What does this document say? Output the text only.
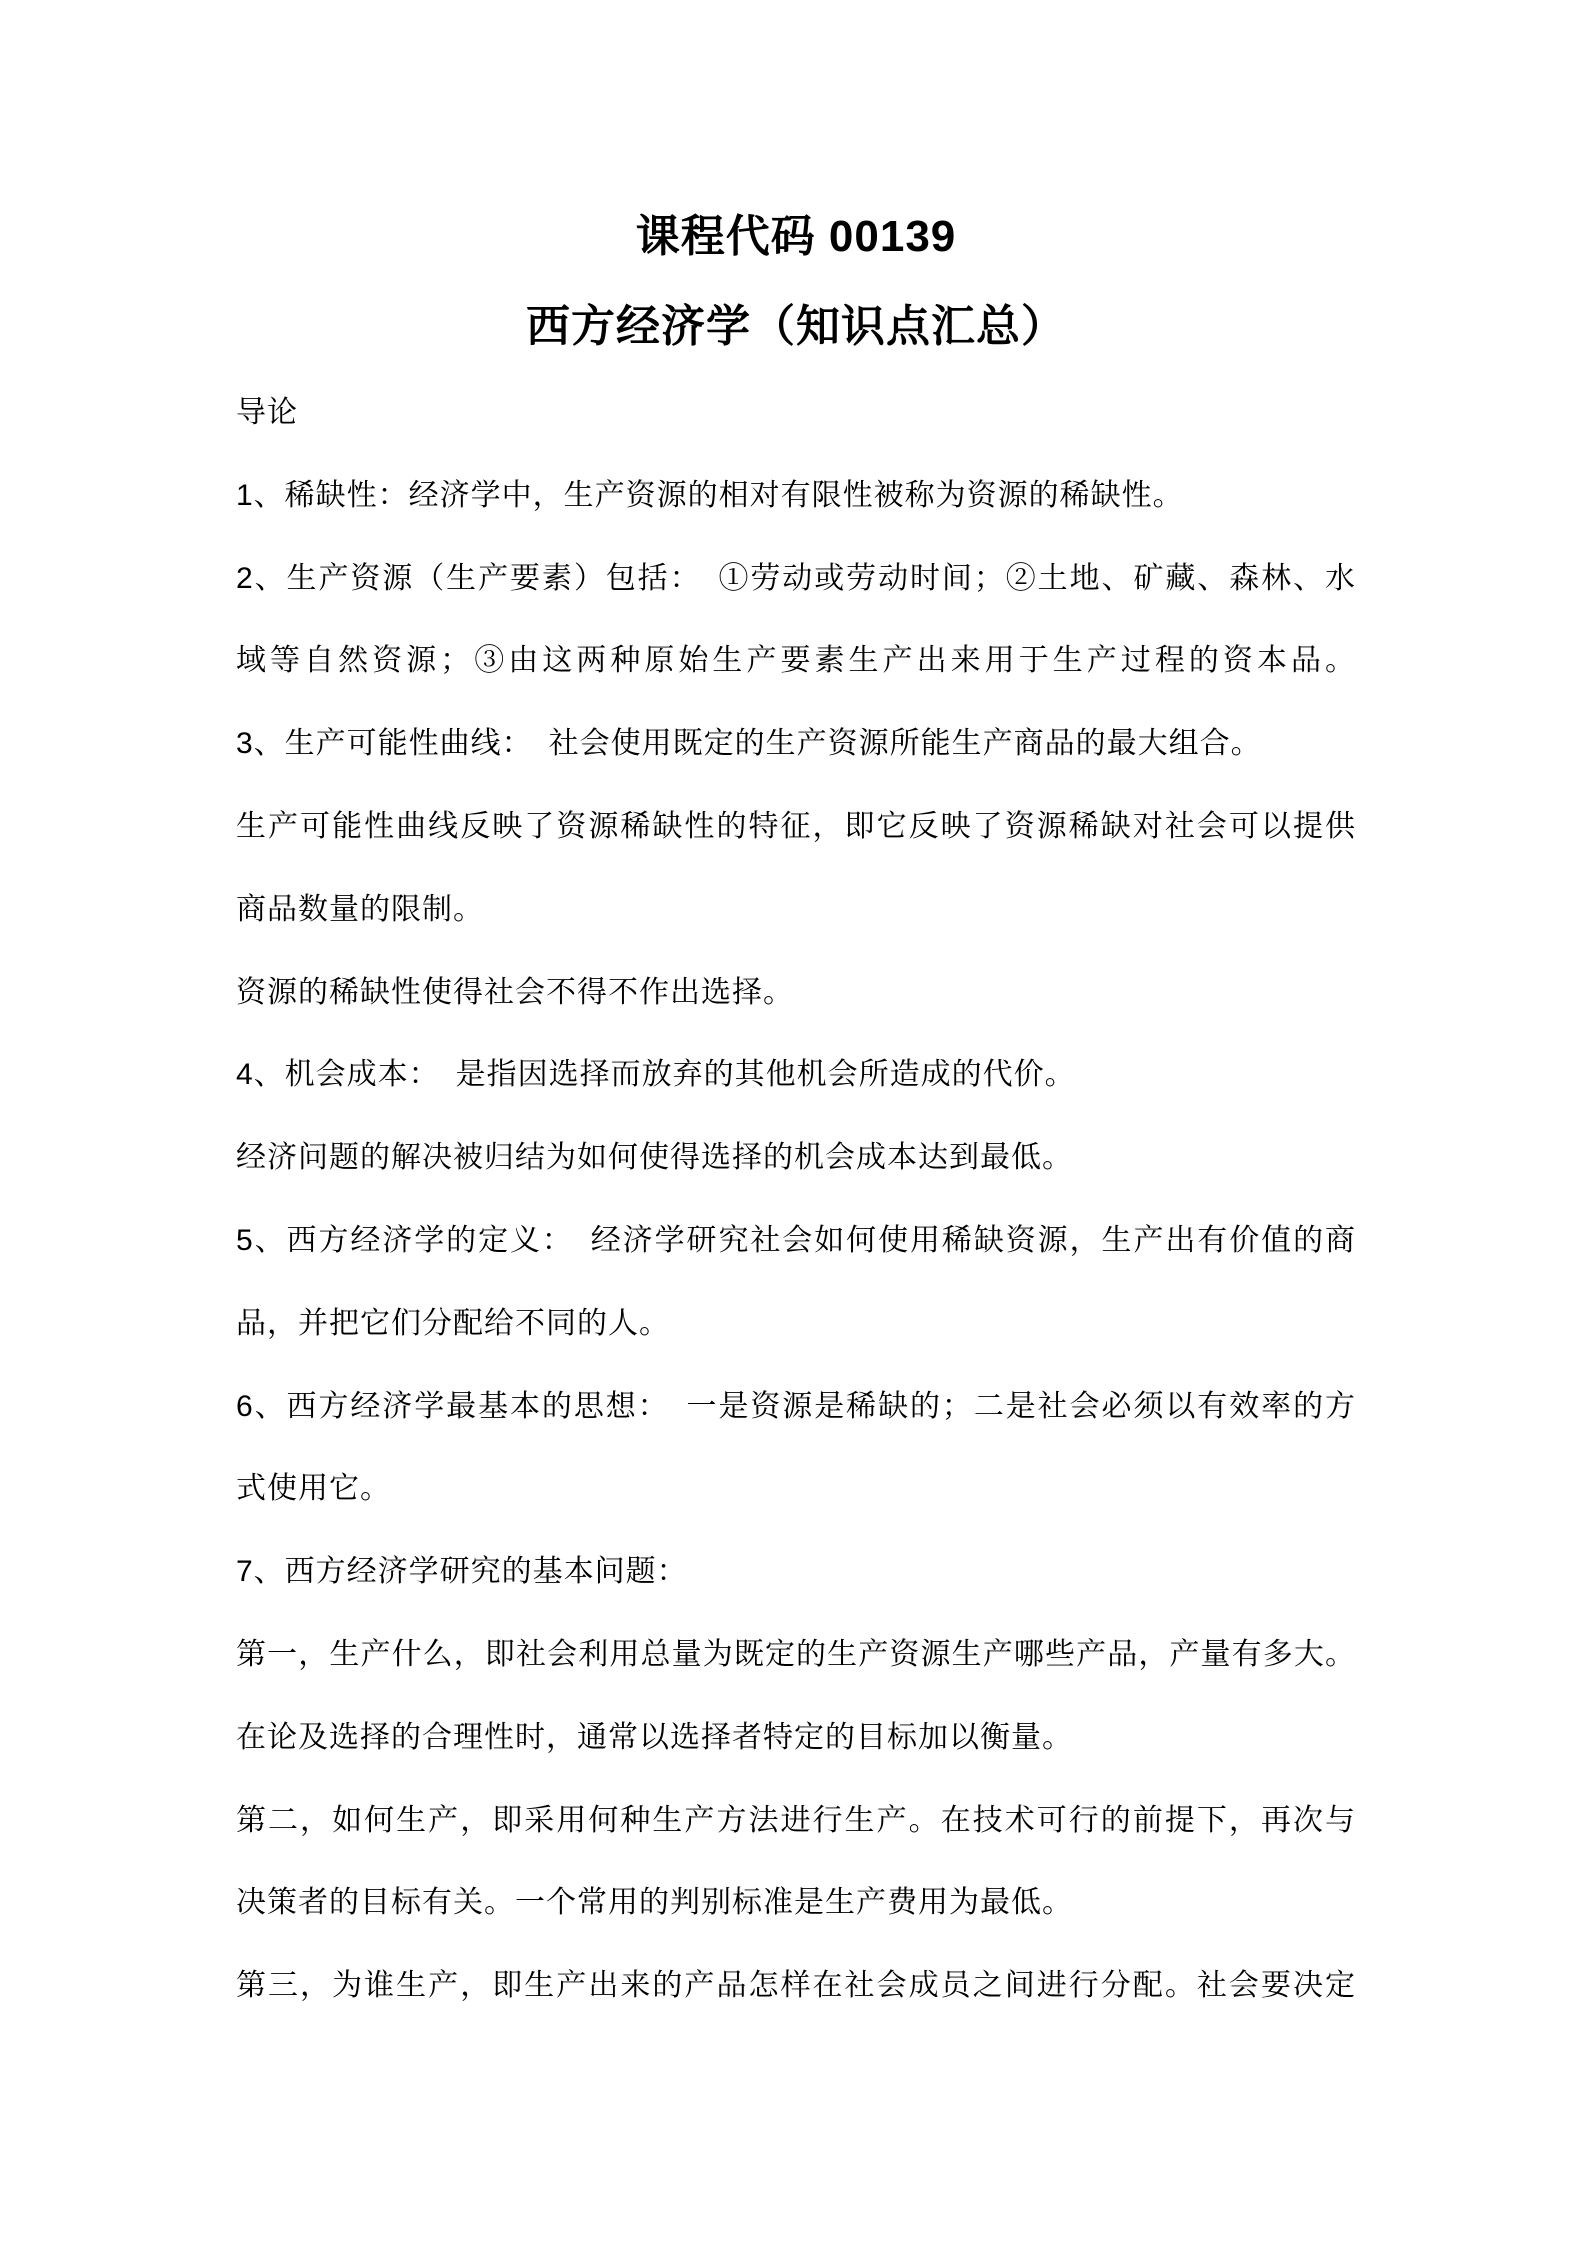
课程代码 00139
西方经济学（知识点汇总）
导论
1、稀缺性：经济学中，生产资源的相对有限性被称为资源的稀缺性。
2、生产资源（生产要素）包括：　①劳动或劳动时间；②土地、矿藏、森林、水
域等自然资源；③由这两种原始生产要素生产出来用于生产过程的资本品。
3、生产可能性曲线：　社会使用既定的生产资源所能生产商品的最大组合。
生产可能性曲线反映了资源稀缺性的特征，即它反映了资源稀缺对社会可以提供
商品数量的限制。
资源的稀缺性使得社会不得不作出选择。
4、机会成本：　是指因选择而放弃的其他机会所造成的代价。
经济问题的解决被归结为如何使得选择的机会成本达到最低。
5、西方经济学的定义：　经济学研究社会如何使用稀缺资源，生产出有价值的商
品，并把它们分配给不同的人。
6、西方经济学最基本的思想：　一是资源是稀缺的；二是社会必须以有效率的方
式使用它。
7、西方经济学研究的基本问题：
第一，生产什么，即社会利用总量为既定的生产资源生产哪些产品，产量有多大。
在论及选择的合理性时，通常以选择者特定的目标加以衡量。
第二，如何生产，即采用何种生产方法进行生产。在技术可行的前提下，再次与
决策者的目标有关。一个常用的判别标准是生产费用为最低。
第三，为谁生产，即生产出来的产品怎样在社会成员之间进行分配。社会要决定
